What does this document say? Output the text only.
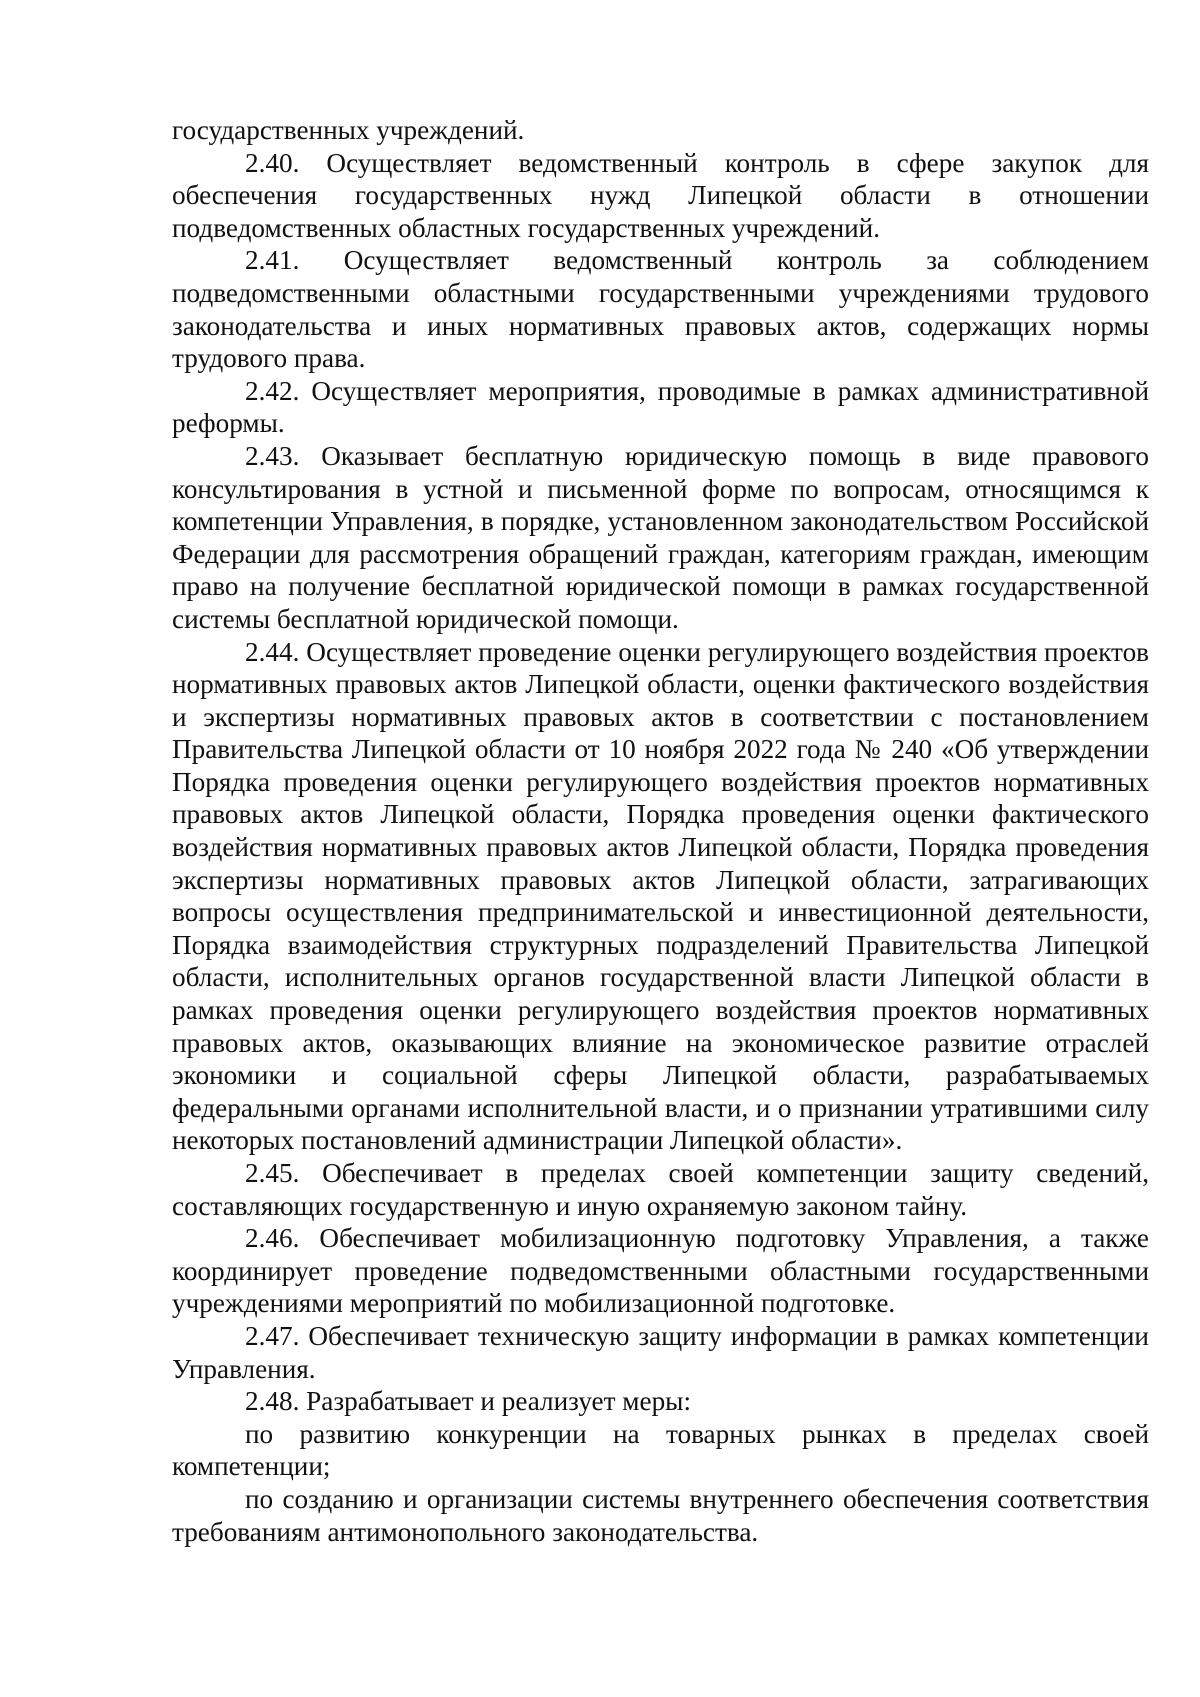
государственных учреждений.

2.40. Осуществляет ведомственный контроль в сфере закупок для обеспечения государственных нужд Липецкой области в отношении подведомственных областных государственных учреждений.

2.41. Осуществляет ведомственный контроль за соблюдением подведомственными областными государственными учреждениями трудового законодательства и иных нормативных правовых актов, содержащих нормы трудового права.

2.42. Осуществляет мероприятия, проводимые в рамках административной реформы.

2.43. Оказывает бесплатную юридическую помощь в виде правового консультирования в устной и письменной форме по вопросам, относящимся к компетенции Управления, в порядке, установленном законодательством Российской Федерации для рассмотрения обращений граждан, категориям граждан, имеющим право на получение бесплатной юридической помощи в рамках государственной системы бесплатной юридической помощи.

2.44. Осуществляет проведение оценки регулирующего воздействия проектов нормативных правовых актов Липецкой области, оценки фактического воздействия и экспертизы нормативных правовых актов в соответствии с постановлением Правительства Липецкой области от 10 ноября 2022 года № 240 «Об утверждении Порядка проведения оценки регулирующего воздействия проектов нормативных правовых актов Липецкой области, Порядка проведения оценки фактического воздействия нормативных правовых актов Липецкой области, Порядка проведения экспертизы нормативных правовых актов Липецкой области, затрагивающих вопросы осуществления предпринимательской и инвестиционной деятельности, Порядка взаимодействия структурных подразделений Правительства Липецкой области, исполнительных органов государственной власти Липецкой области в рамках проведения оценки регулирующего воздействия проектов нормативных правовых актов, оказывающих влияние на экономическое развитие отраслей экономики и социальной сферы Липецкой области, разрабатываемых федеральными органами исполнительной власти, и о признании утратившими силу некоторых постановлений администрации Липецкой области».

2.45. Обеспечивает в пределах своей компетенции защиту сведений, составляющих государственную и иную охраняемую законом тайну.

2.46. Обеспечивает мобилизационную подготовку Управления, а также координирует проведение подведомственными областными государственными учреждениями мероприятий по мобилизационной подготовке.

2.47. Обеспечивает техническую защиту информации в рамках компетенции Управления.

2.48. Разрабатывает и реализует меры:

по развитию конкуренции на товарных рынках в пределах своей компетенции;

по созданию и организации системы внутреннего обеспечения соответствия требованиям антимонопольного законодательства.
